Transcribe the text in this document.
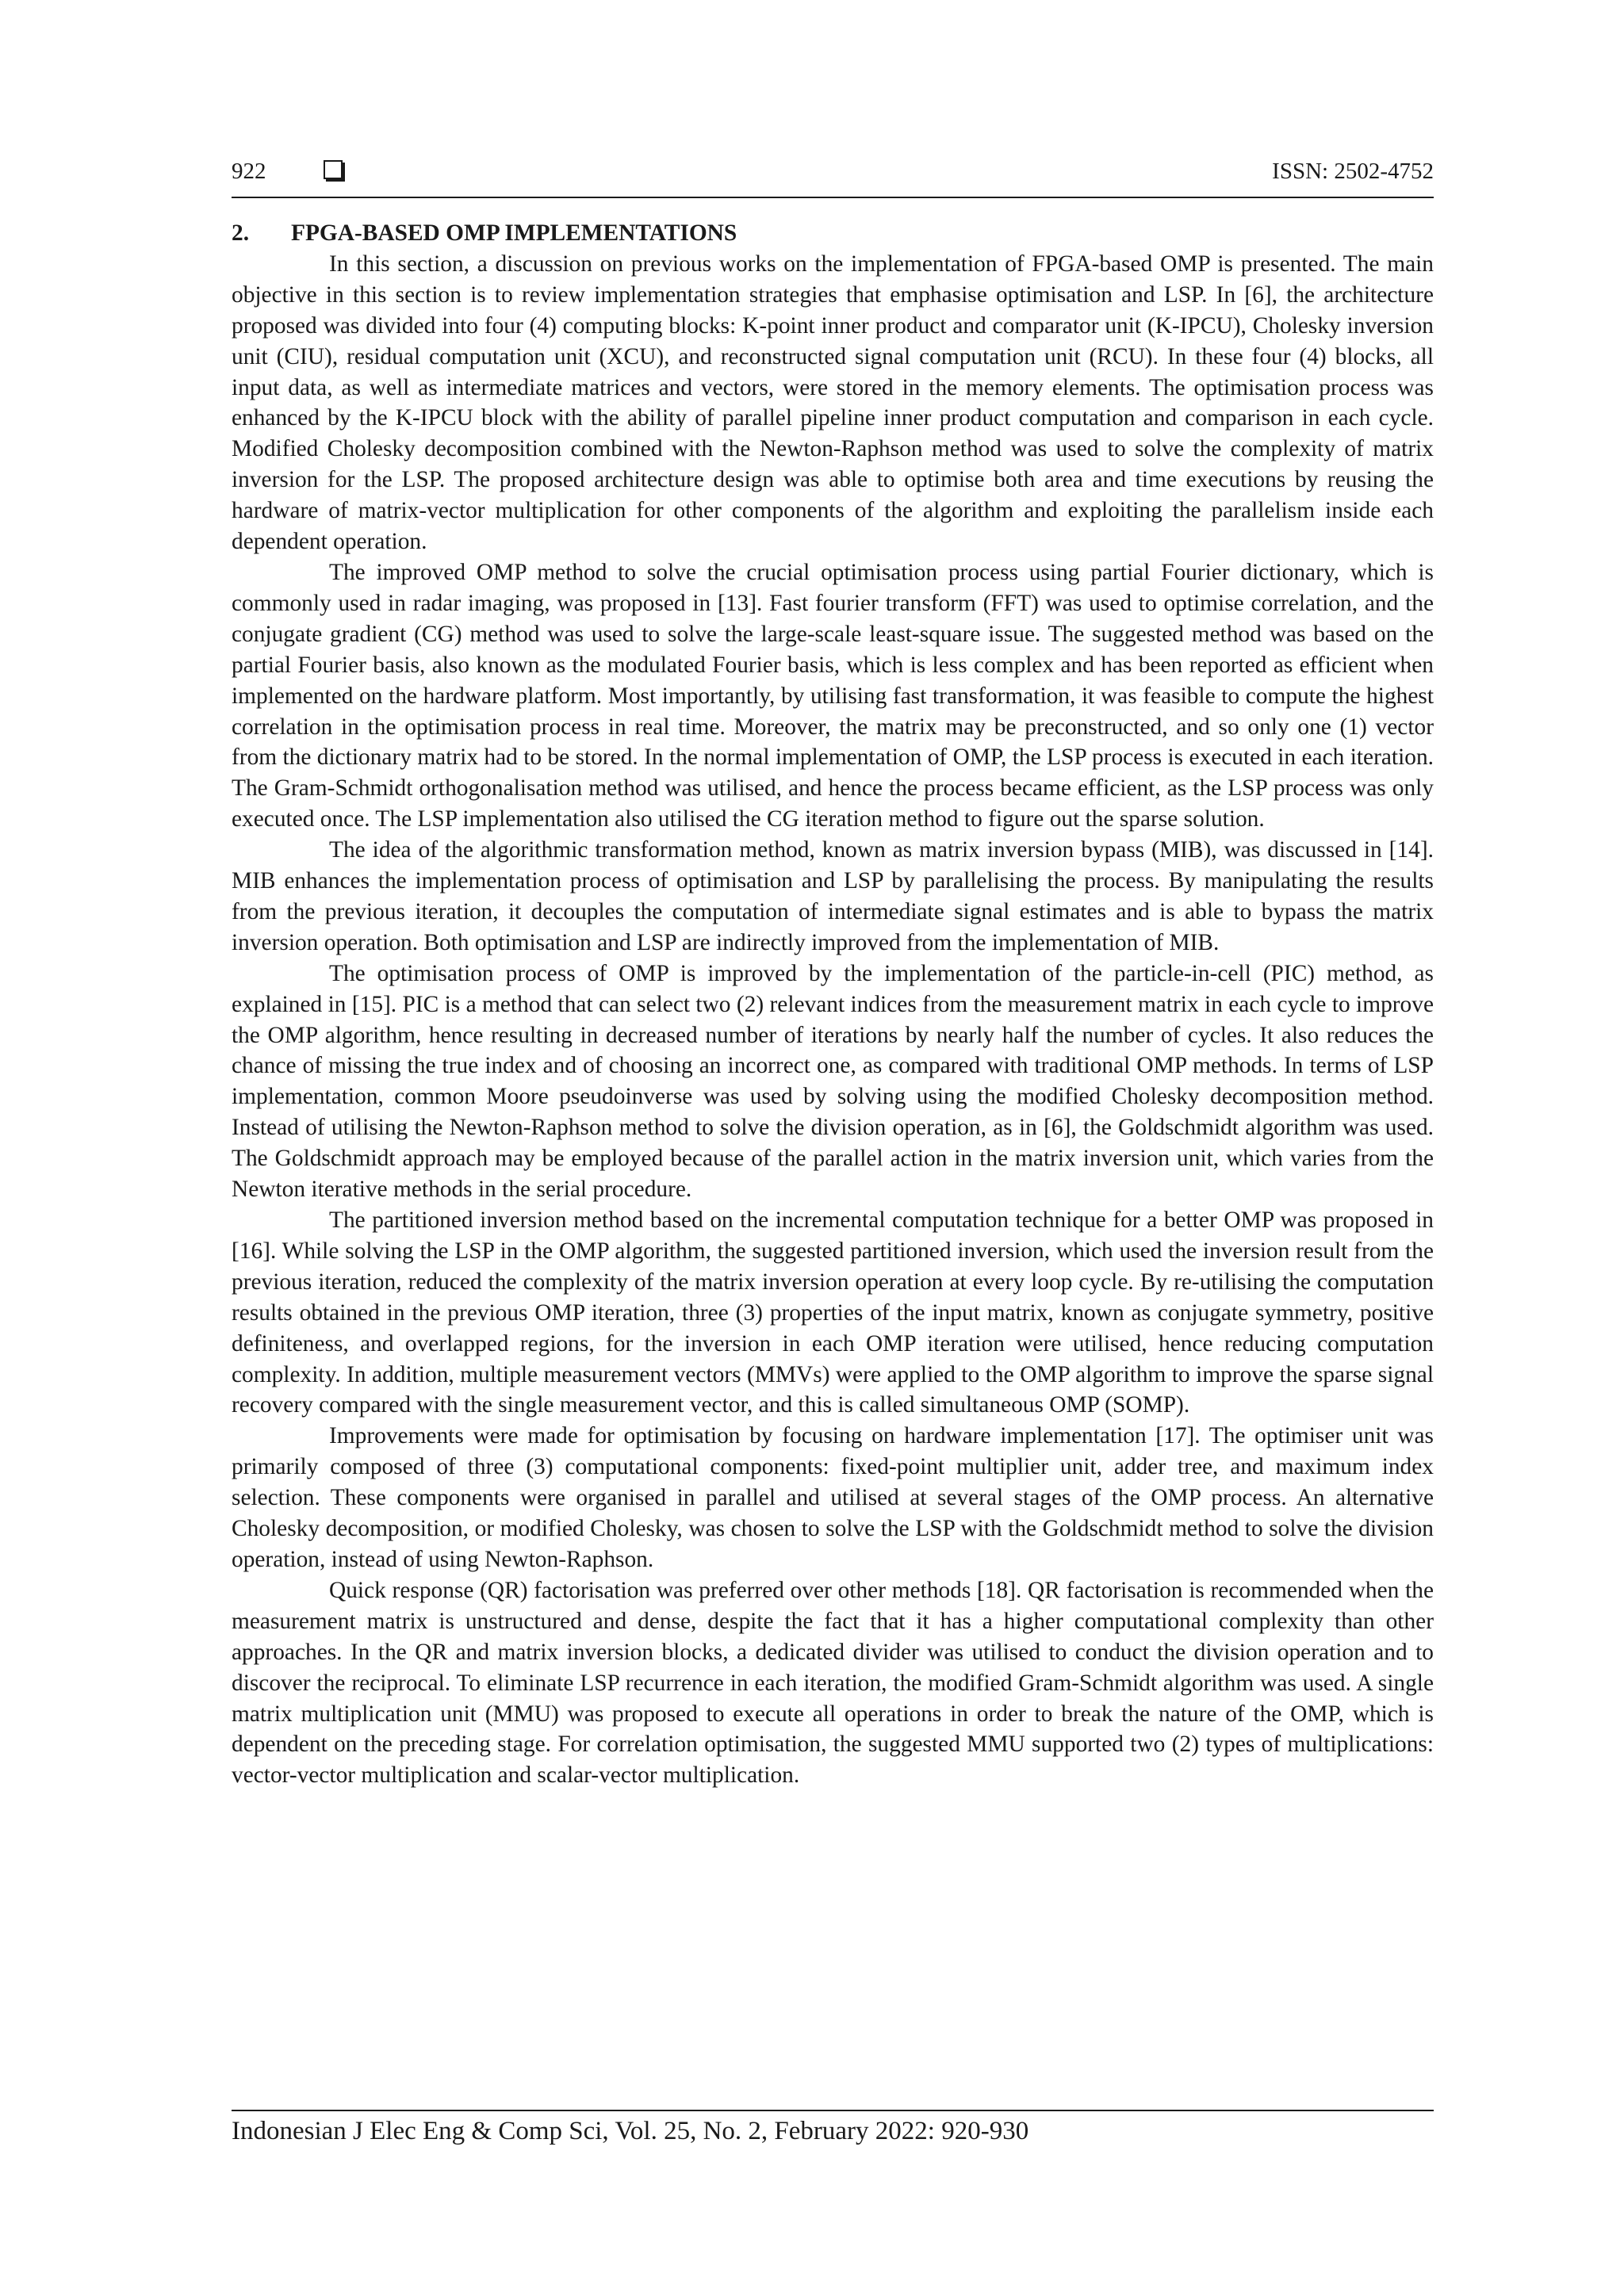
922	ISSN: 2502-4752

2. FPGA-BASED OMP IMPLEMENTATIONS

In this section, a discussion on previous works on the implementation of FPGA-based OMP is presented. The main objective in this section is to review implementation strategies that emphasise optimisation and LSP. In [6], the architecture proposed was divided into four (4) computing blocks: K-point inner product and comparator unit (K-IPCU), Cholesky inversion unit (CIU), residual computation unit (XCU), and reconstructed signal computation unit (RCU). In these four (4) blocks, all input data, as well as intermediate matrices and vectors, were stored in the memory elements. The optimisation process was enhanced by the K-IPCU block with the ability of parallel pipeline inner product computation and comparison in each cycle. Modified Cholesky decomposition combined with the Newton-Raphson method was used to solve the complexity of matrix inversion for the LSP. The proposed architecture design was able to optimise both area and time executions by reusing the hardware of matrix-vector multiplication for other components of the algorithm and exploiting the parallelism inside each dependent operation.

The improved OMP method to solve the crucial optimisation process using partial Fourier dictionary, which is commonly used in radar imaging, was proposed in [13]. Fast fourier transform (FFT) was used to optimise correlation, and the conjugate gradient (CG) method was used to solve the large-scale least-square issue. The suggested method was based on the partial Fourier basis, also known as the modulated Fourier basis, which is less complex and has been reported as efficient when implemented on the hardware platform. Most importantly, by utilising fast transformation, it was feasible to compute the highest correlation in the optimisation process in real time. Moreover, the matrix may be preconstructed, and so only one (1) vector from the dictionary matrix had to be stored. In the normal implementation of OMP, the LSP process is executed in each iteration. The Gram-Schmidt orthogonalisation method was utilised, and hence the process became efficient, as the LSP process was only executed once. The LSP implementation also utilised the CG iteration method to figure out the sparse solution.

The idea of the algorithmic transformation method, known as matrix inversion bypass (MIB), was discussed in [14]. MIB enhances the implementation process of optimisation and LSP by parallelising the process. By manipulating the results from the previous iteration, it decouples the computation of intermediate signal estimates and is able to bypass the matrix inversion operation. Both optimisation and LSP are indirectly improved from the implementation of MIB.

The optimisation process of OMP is improved by the implementation of the particle-in-cell (PIC) method, as explained in [15]. PIC is a method that can select two (2) relevant indices from the measurement matrix in each cycle to improve the OMP algorithm, hence resulting in decreased number of iterations by nearly half the number of cycles. It also reduces the chance of missing the true index and of choosing an incorrect one, as compared with traditional OMP methods. In terms of LSP implementation, common Moore pseudoinverse was used by solving using the modified Cholesky decomposition method. Instead of utilising the Newton-Raphson method to solve the division operation, as in [6], the Goldschmidt algorithm was used. The Goldschmidt approach may be employed because of the parallel action in the matrix inversion unit, which varies from the Newton iterative methods in the serial procedure.

The partitioned inversion method based on the incremental computation technique for a better OMP was proposed in [16]. While solving the LSP in the OMP algorithm, the suggested partitioned inversion, which used the inversion result from the previous iteration, reduced the complexity of the matrix inversion operation at every loop cycle. By re-utilising the computation results obtained in the previous OMP iteration, three (3) properties of the input matrix, known as conjugate symmetry, positive definiteness, and overlapped regions, for the inversion in each OMP iteration were utilised, hence reducing computation complexity. In addition, multiple measurement vectors (MMVs) were applied to the OMP algorithm to improve the sparse signal recovery compared with the single measurement vector, and this is called simultaneous OMP (SOMP).

Improvements were made for optimisation by focusing on hardware implementation [17]. The optimiser unit was primarily composed of three (3) computational components: fixed-point multiplier unit, adder tree, and maximum index selection. These components were organised in parallel and utilised at several stages of the OMP process. An alternative Cholesky decomposition, or modified Cholesky, was chosen to solve the LSP with the Goldschmidt method to solve the division operation, instead of using Newton-Raphson.

Quick response (QR) factorisation was preferred over other methods [18]. QR factorisation is recommended when the measurement matrix is unstructured and dense, despite the fact that it has a higher computational complexity than other approaches. In the QR and matrix inversion blocks, a dedicated divider was utilised to conduct the division operation and to discover the reciprocal. To eliminate LSP recurrence in each iteration, the modified Gram-Schmidt algorithm was used. A single matrix multiplication unit (MMU) was proposed to execute all operations in order to break the nature of the OMP, which is dependent on the preceding stage. For correlation optimisation, the suggested MMU supported two (2) types of multiplications: vector-vector multiplication and scalar-vector multiplication.

Indonesian J Elec Eng & Comp Sci, Vol. 25, No. 2, February 2022: 920-930
